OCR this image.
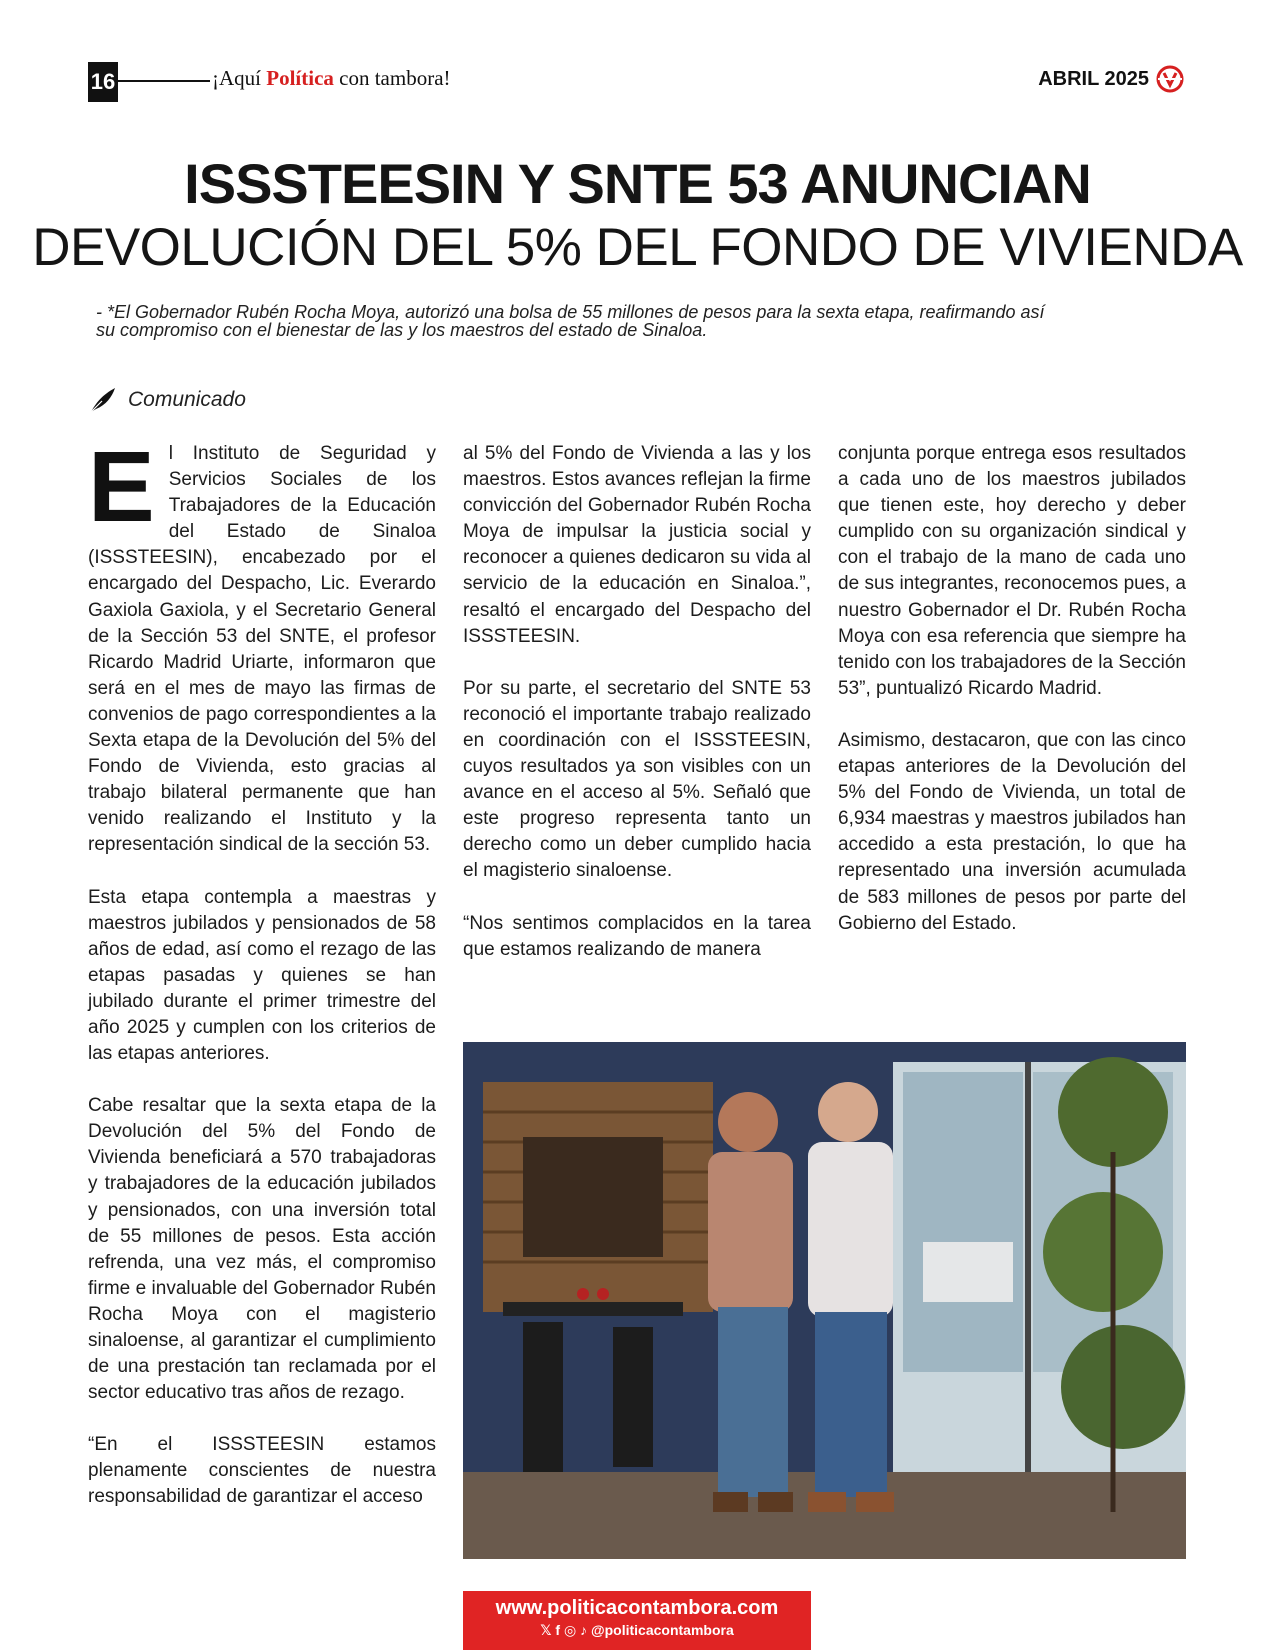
16	¡Aquí Política con tambora!	ABRIL 2025
ISSSTEESIN Y SNTE 53 ANUNCIAN
DEVOLUCIÓN DEL 5% DEL FONDO DE VIVIENDA
- *El Gobernador Rubén Rocha Moya, autorizó una bolsa de 55 millones de pesos para la sexta etapa, reafirmando así
su compromiso con el bienestar de las y los maestros del estado de Sinaloa.
Comunicado

El Instituto de Seguridad y Servicios Sociales de los Trabajadores de la Educación del Estado de Sinaloa (ISSSTEESIN), encabezado por el encargado del Despacho, Lic. Everardo Gaxiola Gaxiola, y el Secretario General de la Sección 53 del SNTE, el profesor Ricardo Madrid Uriarte, informaron que será en el mes de mayo las firmas de convenios de pago correspondientes a la Sexta etapa de la Devolución del 5% del Fondo de Vivienda, esto gracias al trabajo bilateral permanente que han venido realizando el Instituto y la representación sindical de la sección 53.

Esta etapa contempla a maestras y maestros jubilados y pensionados de 58 años de edad, así como el rezago de las etapas pasadas y quienes se han jubilado durante el primer trimestre del año 2025 y cumplen con los criterios de las etapas anteriores.

Cabe resaltar que la sexta etapa de la Devolución del 5% del Fondo de Vivienda beneficiará a 570 trabajadoras y trabajadores de la educación jubilados y pensionados, con una inversión total de 55 millones de pesos. Esta acción refrenda, una vez más, el compromiso firme e invaluable del Gobernador Rubén Rocha Moya con el magisterio sinaloense, al garantizar el cumplimiento de una prestación tan reclamada por el sector educativo tras años de rezago.

“En el ISSSTEESIN estamos plenamente conscientes de nuestra responsabilidad de garantizar el acceso

al 5% del Fondo de Vivienda a las y los maestros. Estos avances reflejan la firme convicción del Gobernador Rubén Rocha Moya de impulsar la justicia social y reconocer a quienes dedicaron su vida al servicio de la educación en Sinaloa.”, resaltó el encargado del Despacho del ISSSTEESIN.

Por su parte, el secretario del SNTE 53 reconoció el importante trabajo realizado en coordinación con el ISSSTEESIN, cuyos resultados ya son visibles con un avance en el acceso al 5%. Señaló que este progreso representa tanto un derecho como un deber cumplido hacia el magisterio sinaloense.

“Nos sentimos complacidos en la tarea que estamos realizando de manera

conjunta porque entrega esos resultados a cada uno de los maestros jubilados que tienen este, hoy derecho y deber cumplido con su organización sindical y con el trabajo de la mano de cada uno de sus integrantes, reconocemos pues, a nuestro Gobernador el Dr. Rubén Rocha Moya con esa referencia que siempre ha tenido con los trabajadores de la Sección 53”, puntualizó Ricardo Madrid.

Asimismo, destacaron, que con las cinco etapas anteriores de la Devolución del 5% del Fondo de Vivienda, un total de 6,934 maestras y maestros jubilados han accedido a esta prestación, lo que ha representado una inversión acumulada de 583 millones de pesos por parte del Gobierno del Estado.

www.politicacontambora.com
𝕏 f ◎ ♪ @politicacontambora
